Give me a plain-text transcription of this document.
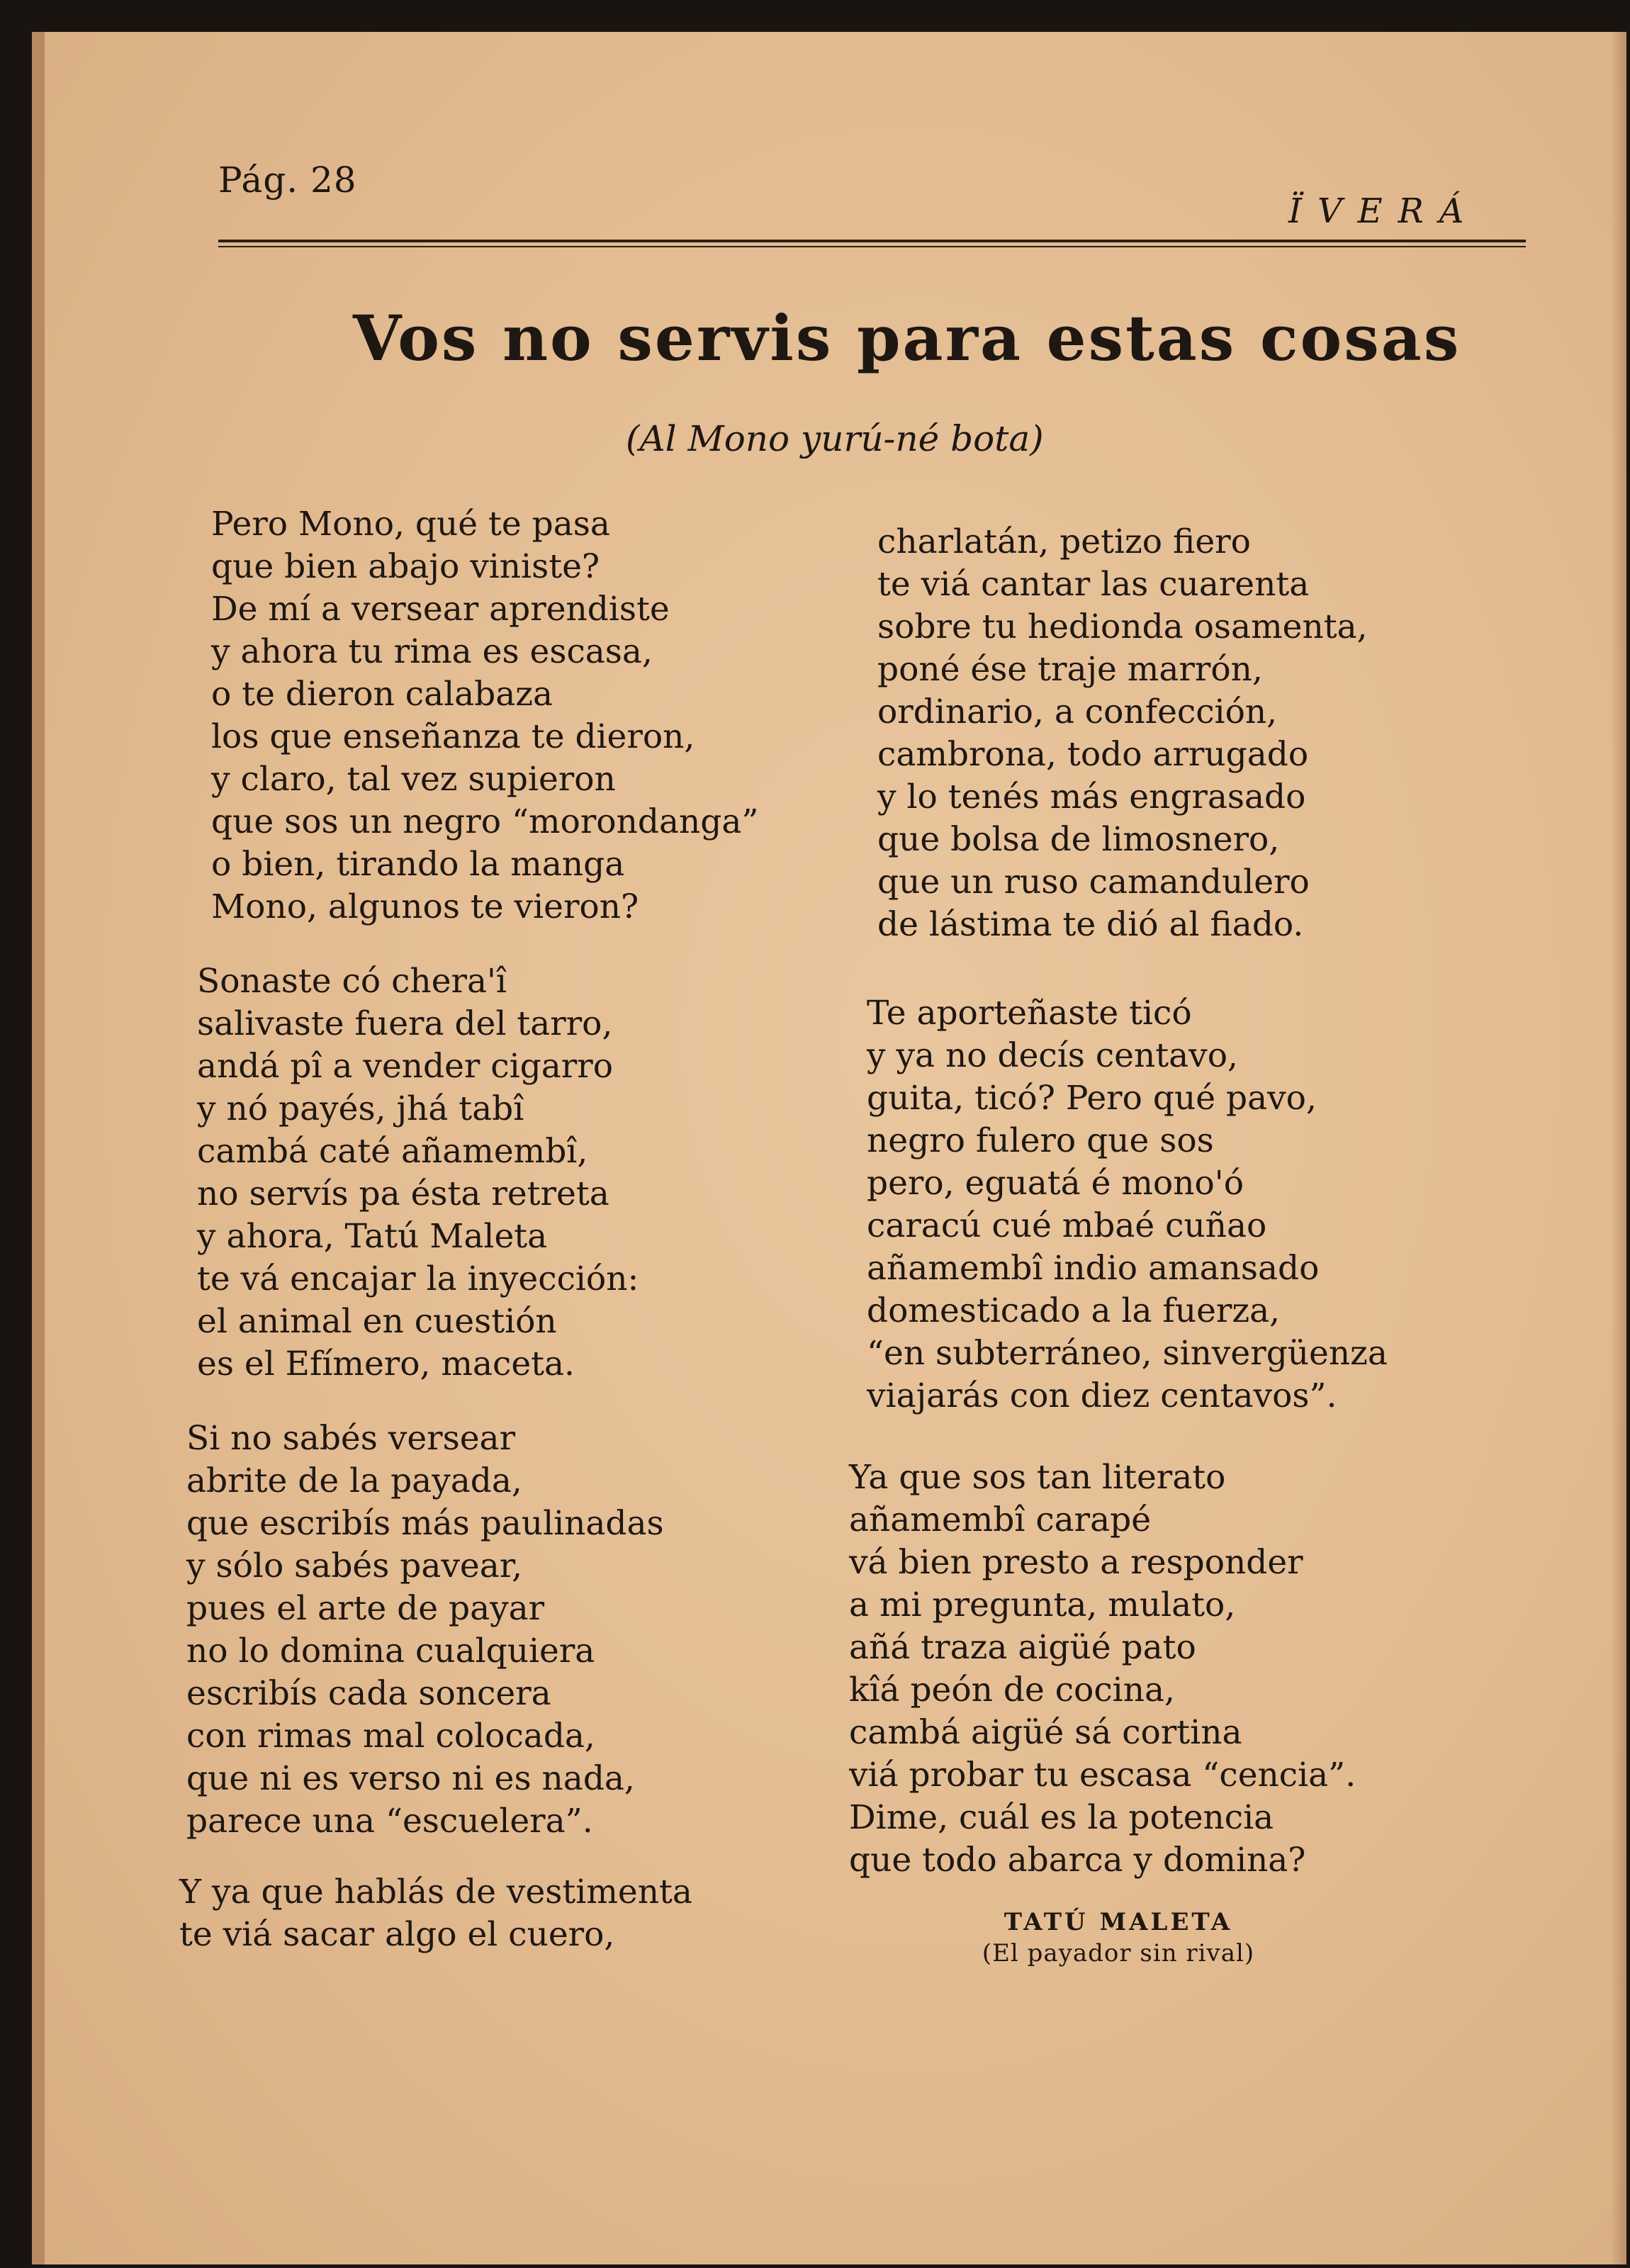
Pág. 28
ÏVERÁ
Vos no servis para estas cosas
(Al Mono yurú-né bota)
Pero Mono, qué te pasa
que bien abajo viniste?
De mí a versear aprendiste
y ahora tu rima es escasa,
o te dieron calabaza
los que enseñanza te dieron,
y claro, tal vez supieron
que sos un negro “morondanga”
o bien, tirando la manga
Mono, algunos te vieron?
Sonaste có chera'î
salivaste fuera del tarro,
andá pî a vender cigarro
y nó payés, jhá tabî
cambá caté añamembî,
no servís pa ésta retreta
y ahora, Tatú Maleta
te vá encajar la inyección:
el animal en cuestión
es el Efímero, maceta.
Si no sabés versear
abrite de la payada,
que escribís más paulinadas
y sólo sabés pavear,
pues el arte de payar
no lo domina cualquiera
escribís cada soncera
con rimas mal colocada,
que ni es verso ni es nada,
parece una “escuelera”.
Y ya que hablás de vestimenta
te viá sacar algo el cuero,
charlatán, petizo fiero
te viá cantar las cuarenta
sobre tu hedionda osamenta,
poné ése traje marrón,
ordinario, a confección,
cambrona, todo arrugado
y lo tenés más engrasado
que bolsa de limosnero,
que un ruso camandulero
de lástima te dió al fiado.
Te aporteñaste ticó
y ya no decís centavo,
guita, ticó? Pero qué pavo,
negro fulero que sos
pero, eguatá é mono'ó
caracú cué mbaé cuñao
añamembî indio amansado
domesticado a la fuerza,
“en subterráneo, sinvergüenza
viajarás con diez centavos”.
Ya que sos tan literato
añamembî carapé
vá bien presto a responder
a mi pregunta, mulato,
añá traza aigüé pato
kîá peón de cocina,
cambá aigüé sá cortina
viá probar tu escasa “cencia”.
Dime, cuál es la potencia
que todo abarca y domina?
TATÚ MALETA
(El payador sin rival)
